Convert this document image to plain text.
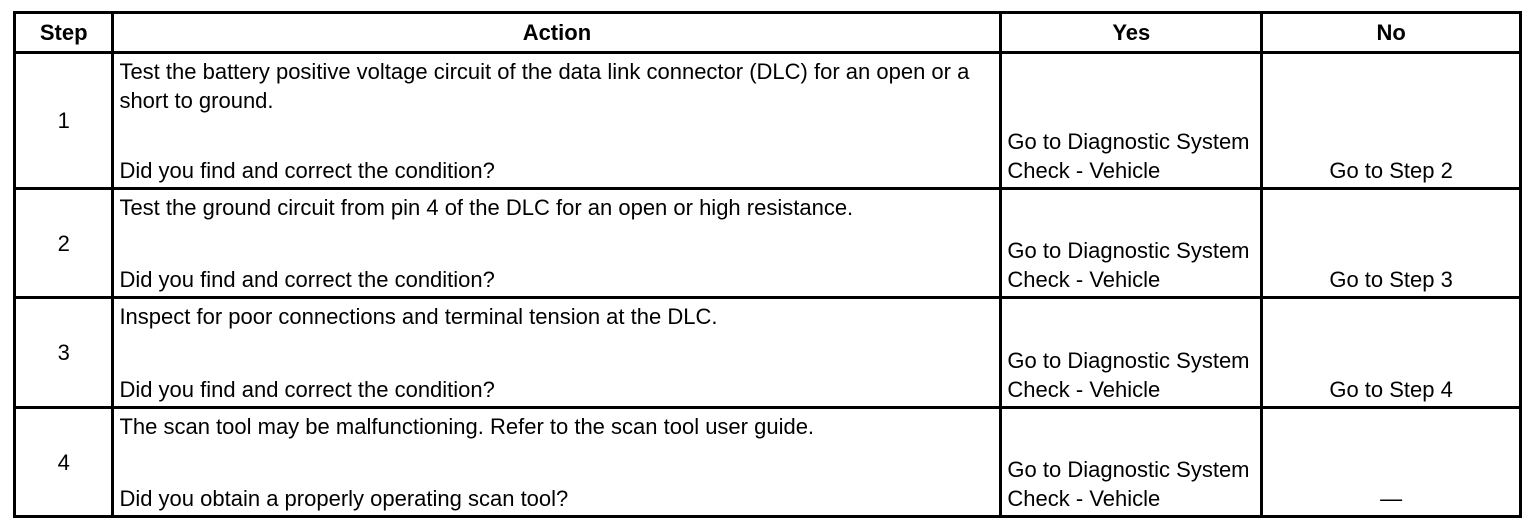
Step	Action	Yes	No
1	Test the battery positive voltage circuit of the data link connector (DLC) for an open or a short to ground.
Did you find and correct the condition?	Go to Diagnostic System Check - Vehicle	Go to Step 2

2	Test the ground circuit from pin 4 of the DLC for an open or high resistance.
Did you find and correct the condition?	Go to Diagnostic System Check - Vehicle	Go to Step 3

3	Inspect for poor connections and terminal tension at the DLC.
Did you find and correct the condition?	Go to Diagnostic System Check - Vehicle	Go to Step 4

4	The scan tool may be malfunctioning. Refer to the scan tool user guide.
Did you obtain a properly operating scan tool?	Go to Diagnostic System Check - Vehicle	—
